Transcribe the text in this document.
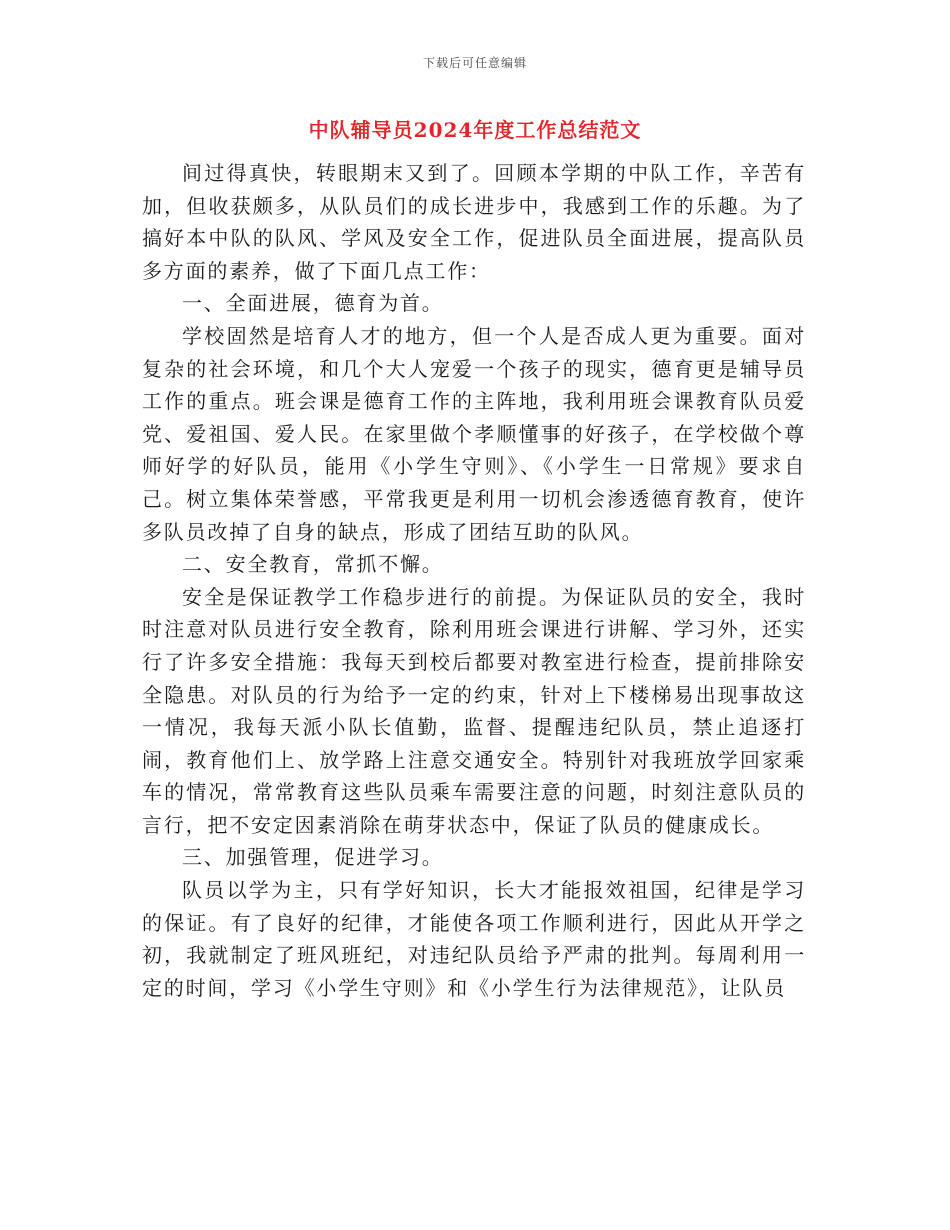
下载后可任意编辑
中队辅导员2024年度工作总结范文

间过得真快，转眼期末又到了。回顾本学期的中队工作，辛苦有加，但收获颇多，从队员们的成长进步中，我感到工作的乐趣。为了搞好本中队的队风、学风及安全工作，促进队员全面进展，提高队员多方面的素养，做了下面几点工作：

一、全面进展，德育为首。

学校固然是培育人才的地方，但一个人是否成人更为重要。面对复杂的社会环境，和几个大人宠爱一个孩子的现实，德育更是辅导员工作的重点。班会课是德育工作的主阵地，我利用班会课教育队员爱党、爱祖国、爱人民。在家里做个孝顺懂事的好孩子，在学校做个尊师好学的好队员，能用《小学生守则》、《小学生一日常规》要求自己。树立集体荣誉感，平常我更是利用一切机会渗透德育教育，使许多队员改掉了自身的缺点，形成了团结互助的队风。

二、安全教育，常抓不懈。

安全是保证教学工作稳步进行的前提。为保证队员的安全，我时时注意对队员进行安全教育，除利用班会课进行讲解、学习外，还实行了许多安全措施：我每天到校后都要对教室进行检查，提前排除安全隐患。对队员的行为给予一定的约束，针对上下楼梯易出现事故这一情况，我每天派小队长值勤，监督、提醒违纪队员，禁止追逐打闹，教育他们上、放学路上注意交通安全。特别针对我班放学回家乘车的情况，常常教育这些队员乘车需要注意的问题，时刻注意队员的言行，把不安定因素消除在萌芽状态中，保证了队员的健康成长。

三、加强管理，促进学习。

队员以学为主，只有学好知识，长大才能报效祖国，纪律是学习的保证。有了良好的纪律，才能使各项工作顺利进行，因此从开学之初，我就制定了班风班纪，对违纪队员给予严肃的批判。每周利用一定的时间，学习《小学生守则》和《小学生行为法律规范》，让队员
